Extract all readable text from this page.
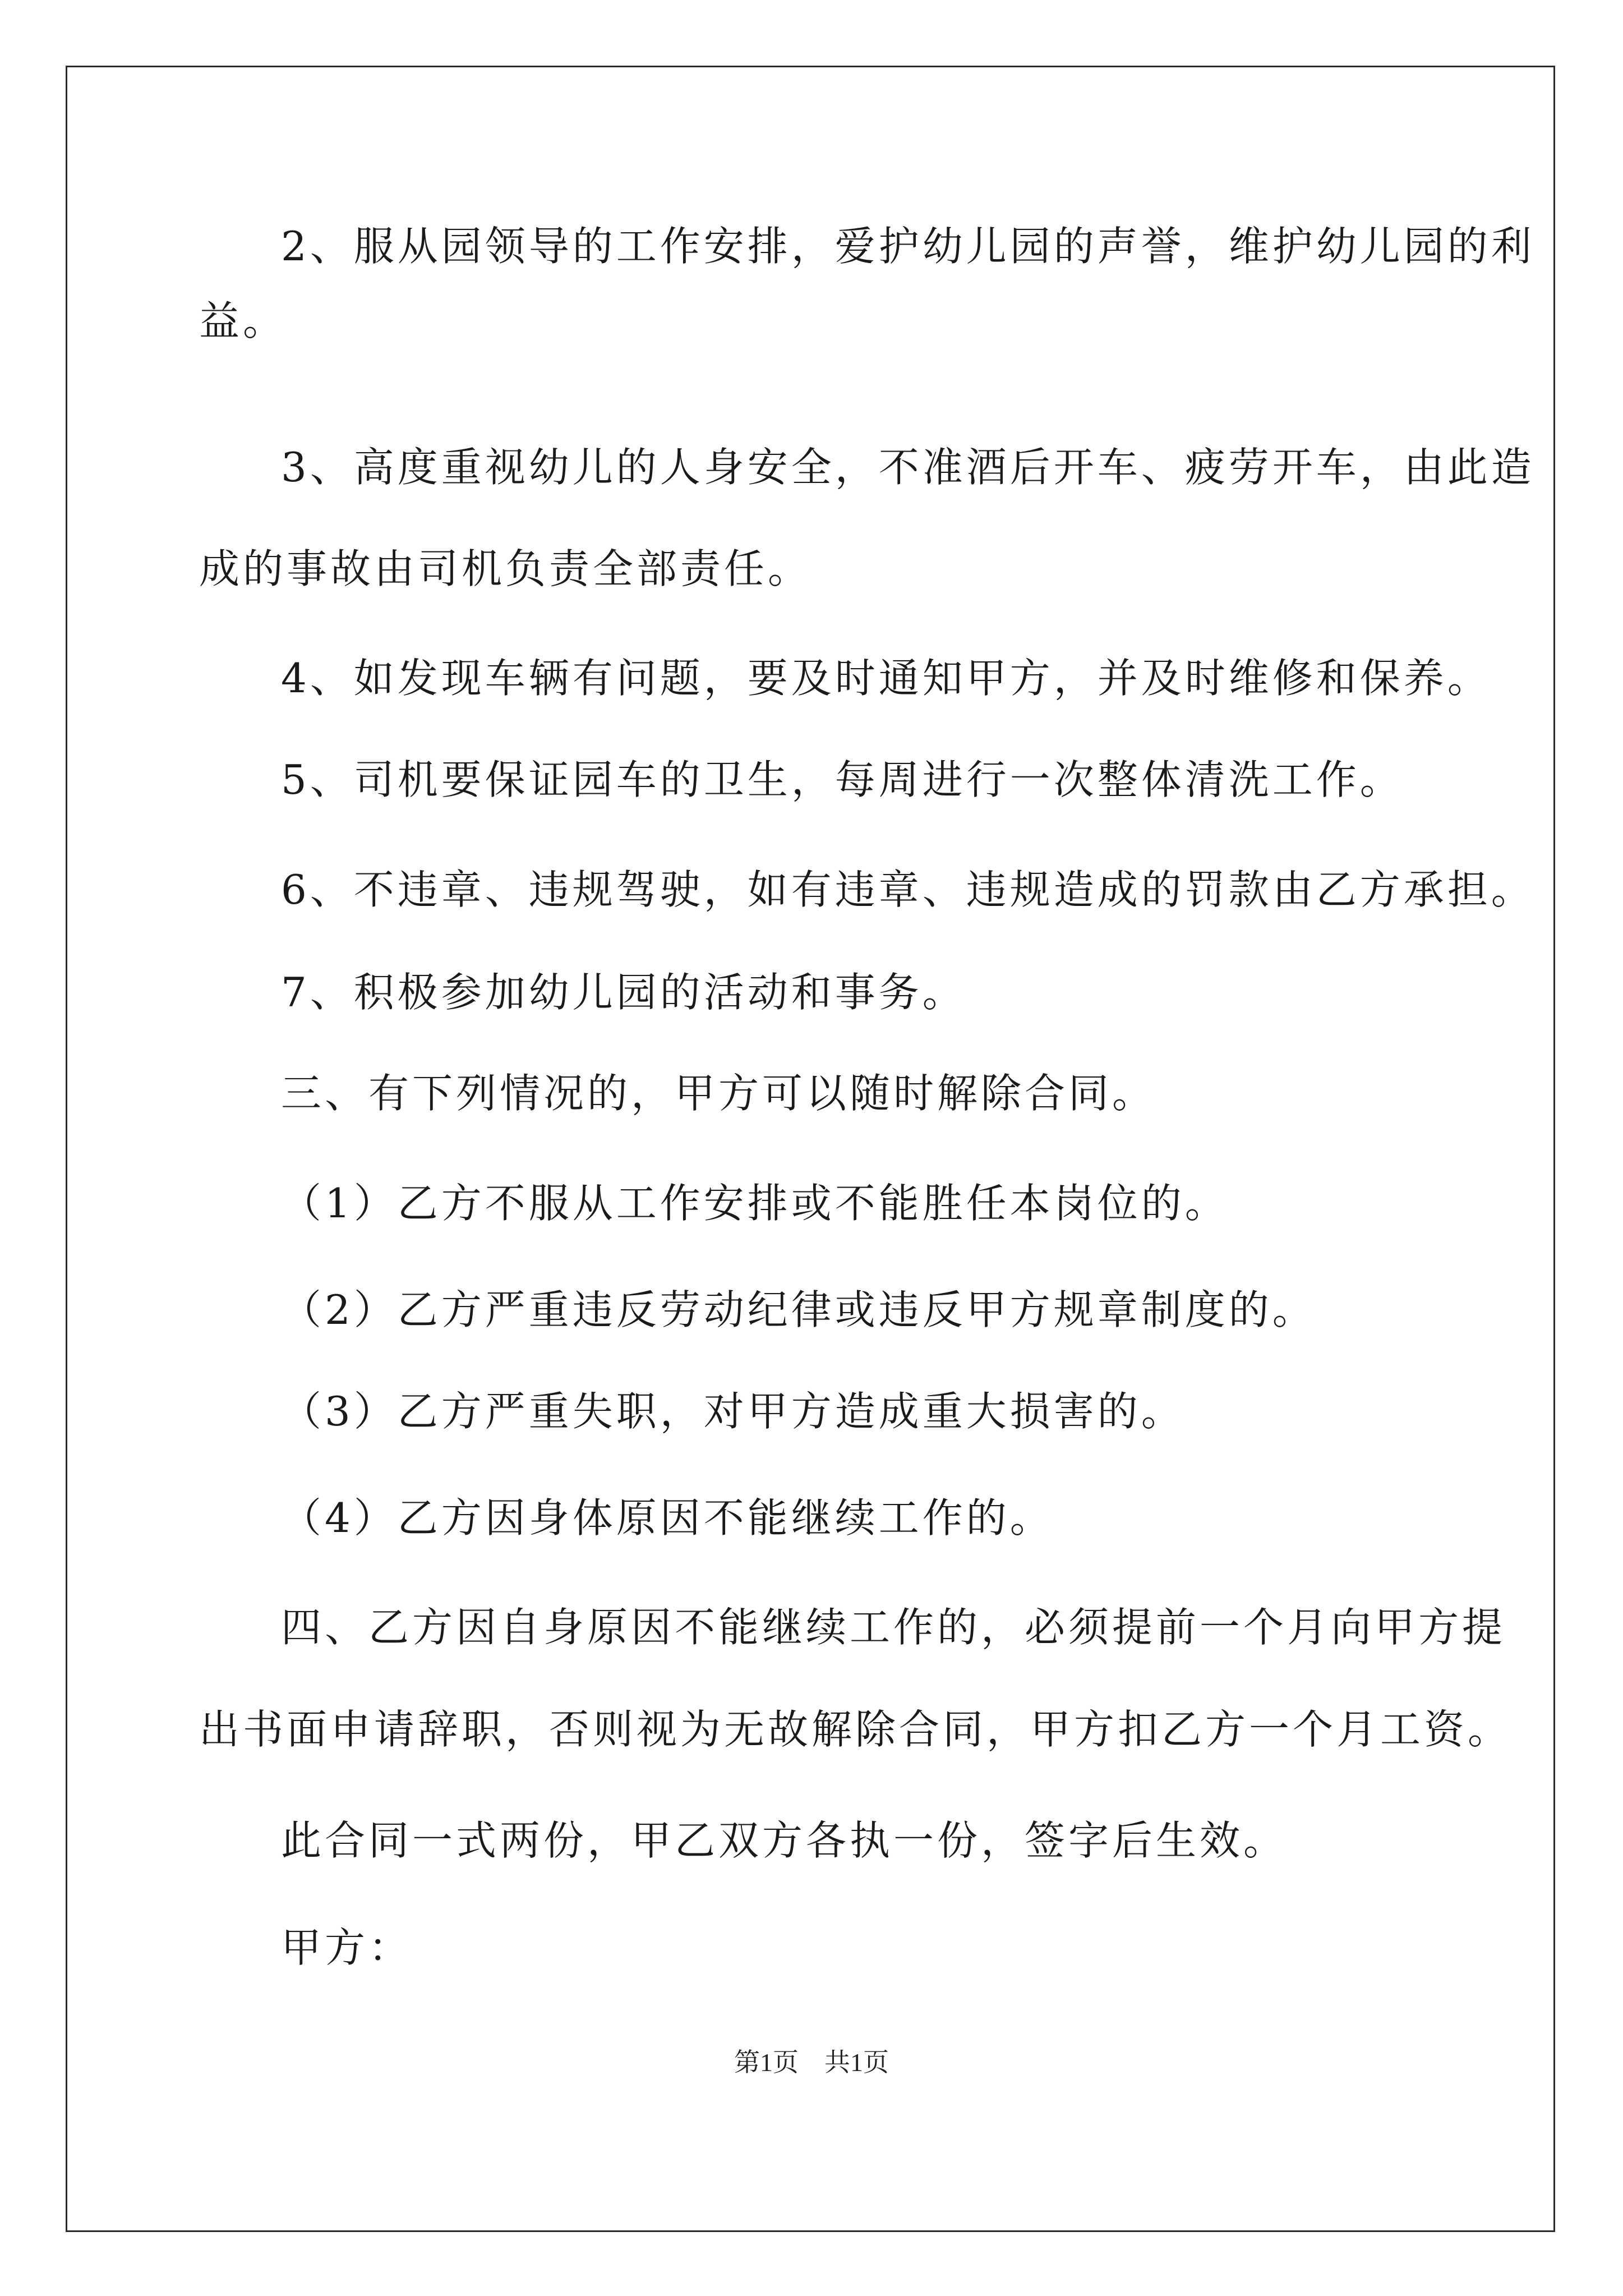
2、服从园领导的工作安排，爱护幼儿园的声誉，维护幼儿园的利
益。
3、高度重视幼儿的人身安全，不准酒后开车、疲劳开车，由此造
成的事故由司机负责全部责任。
4、如发现车辆有问题，要及时通知甲方，并及时维修和保养。
5、司机要保证园车的卫生，每周进行一次整体清洗工作。
6、不违章、违规驾驶，如有违章、违规造成的罚款由乙方承担。
7、积极参加幼儿园的活动和事务。
三、有下列情况的，甲方可以随时解除合同。
（1）乙方不服从工作安排或不能胜任本岗位的。
（2）乙方严重违反劳动纪律或违反甲方规章制度的。
（3）乙方严重失职，对甲方造成重大损害的。
（4）乙方因身体原因不能继续工作的。
四、乙方因自身原因不能继续工作的，必须提前一个月向甲方提
出书面申请辞职，否则视为无故解除合同，甲方扣乙方一个月工资。
此合同一式两份，甲乙双方各执一份，签字后生效。
甲方：
第1页　共1页
